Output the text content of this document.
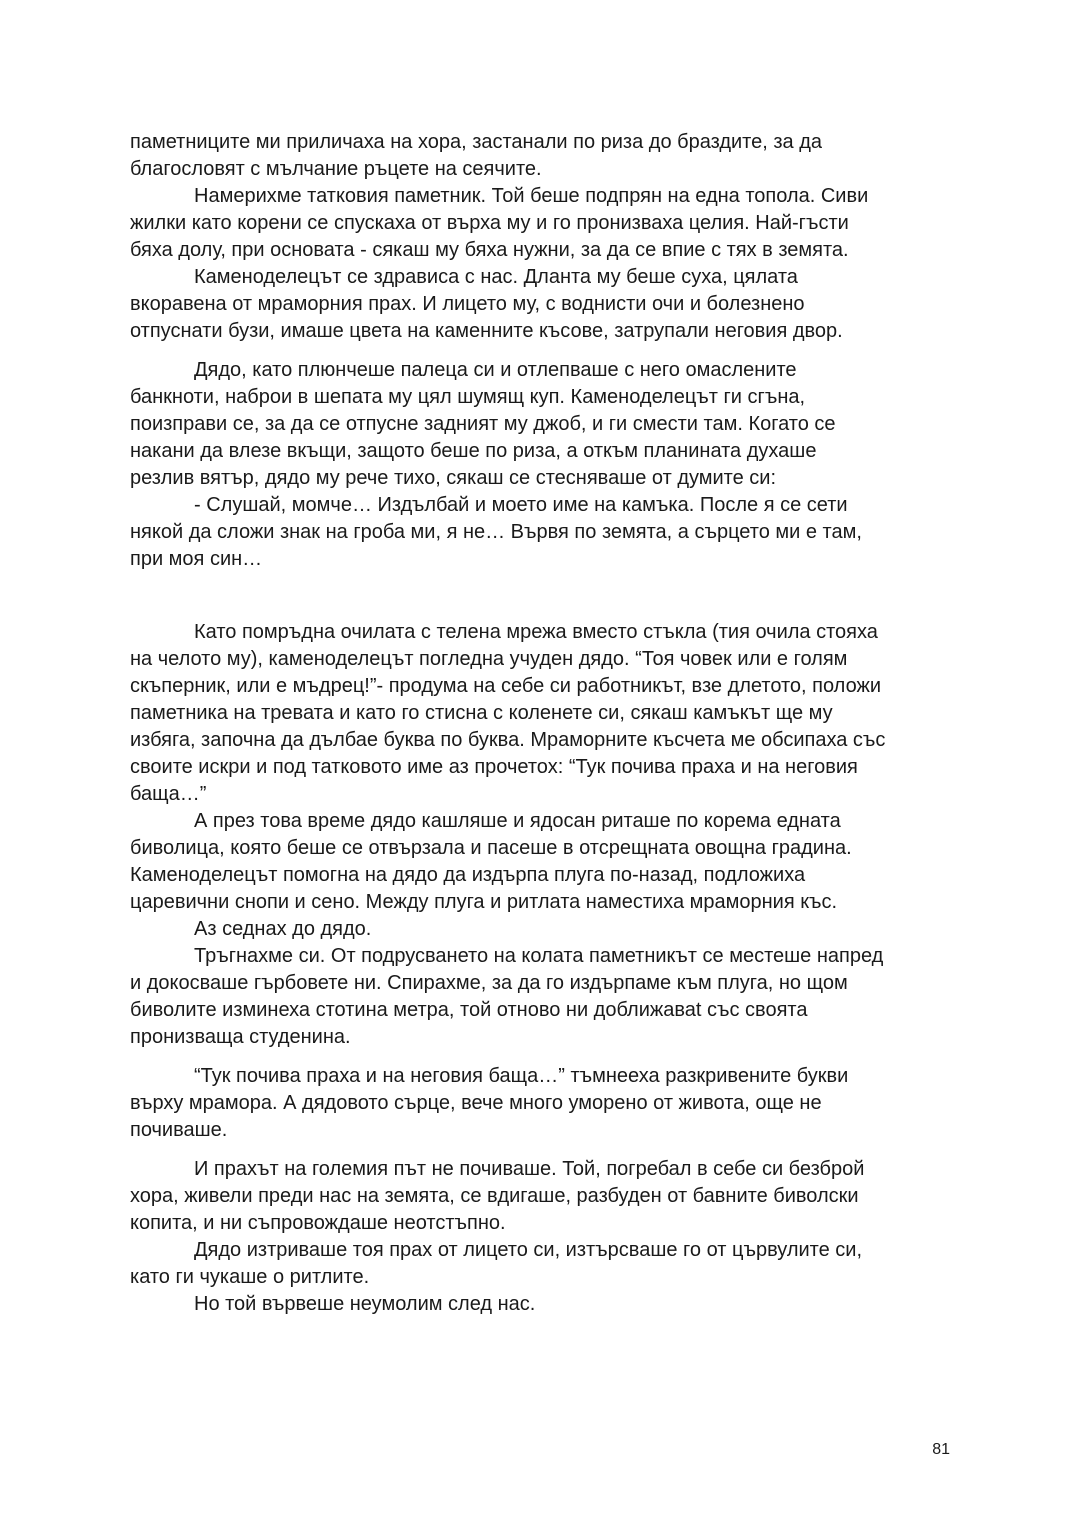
паметниците ми приличаха на хора, застанали по риза до браздите, за да
благословят с мълчание ръцете на сеячите.
Намерихме татковия паметник. Той беше подпрян на една топола. Сиви
жилки като корени се спускаха от върха му и го пронизваха целия. Най-гъсти
бяха долу, при основата - сякаш му бяха нужни, за да се впие с тях в земята.
Каменоделецът се здрависа с нас. Дланта му беше суха, цялата
вкоравена от мраморния прах. И лицето му, с воднисти очи и болезнено
отпуснати бузи, имаше цвета на каменните късове, затрупали неговия двор.
Дядо, като плюнчеше палеца си и отлепваше с него омаслените
банкноти, наброи в шепата му цял шумящ куп. Каменоделецът ги сгъна,
поизправи се, за да се отпусне задният му джоб, и ги смести там. Когато се
накани да влезе вкъщи, защото беше по риза, а откъм планината духаше
резлив вятър, дядо му рече тихо, сякаш се стесняваше от думите си:
- Слушай, момче… Издълбай и моето име на камъка. После я се сети
някой да сложи знак на гроба ми, я не… Вървя по земята, а сърцето ми е там,
при моя син…
Като помръдна очилата с телена мрежа вместо стъкла (тия очила стояха
на челото му), каменоделецът погледна учуден дядо. “Тоя човек или е голям
скъперник, или е мъдрец!”- продума на себе си работникът, взе длетото, положи
паметника на тревата и като го стисна с коленете си, сякаш камъкът ще му
избяга, започна да дълбае буква по буква. Мраморните късчета ме обсипаха със
своите искри и под татковото име аз прочетох: “Тук почива праха и на неговия
баща…”
А през това време дядо кашляше и ядосан риташе по корема едната
биволица, която беше се отвързала и пасеше в отсрещната овощна градина.
Каменоделецът помогна на дядо да издърпа плуга по-назад, подложиха
царевични снопи и сено. Между плуга и ритлата наместиха мраморния къс.
Аз седнах до дядо.
Тръгнахме си. От подрусването на колата паметникът се местеше напред
и докосваше гърбовете ни. Спирахме, за да го издърпаме към плуга, но щом
биволите изминеха стотина метра, той отново ни доближаваt със своята
пронизваща студенина.
“Тук почива праха и на неговия баща…” тъмнееха разкривените букви
върху мрамора. А дядовото сърце, вече много уморено от живота, още не
почиваше.
И прахът на големия път не почиваше. Той, погребал в себе си безброй
хора, живели преди нас на земята, се вдигаше, разбуден от бавните биволски
копита, и ни съпровождаше неотстъпно.
Дядо изтриваше тоя прах от лицето си, изтърсваше го от цървулите си,
като ги чукаше о ритлите.
Но той вървеше неумолим след нас.
81
